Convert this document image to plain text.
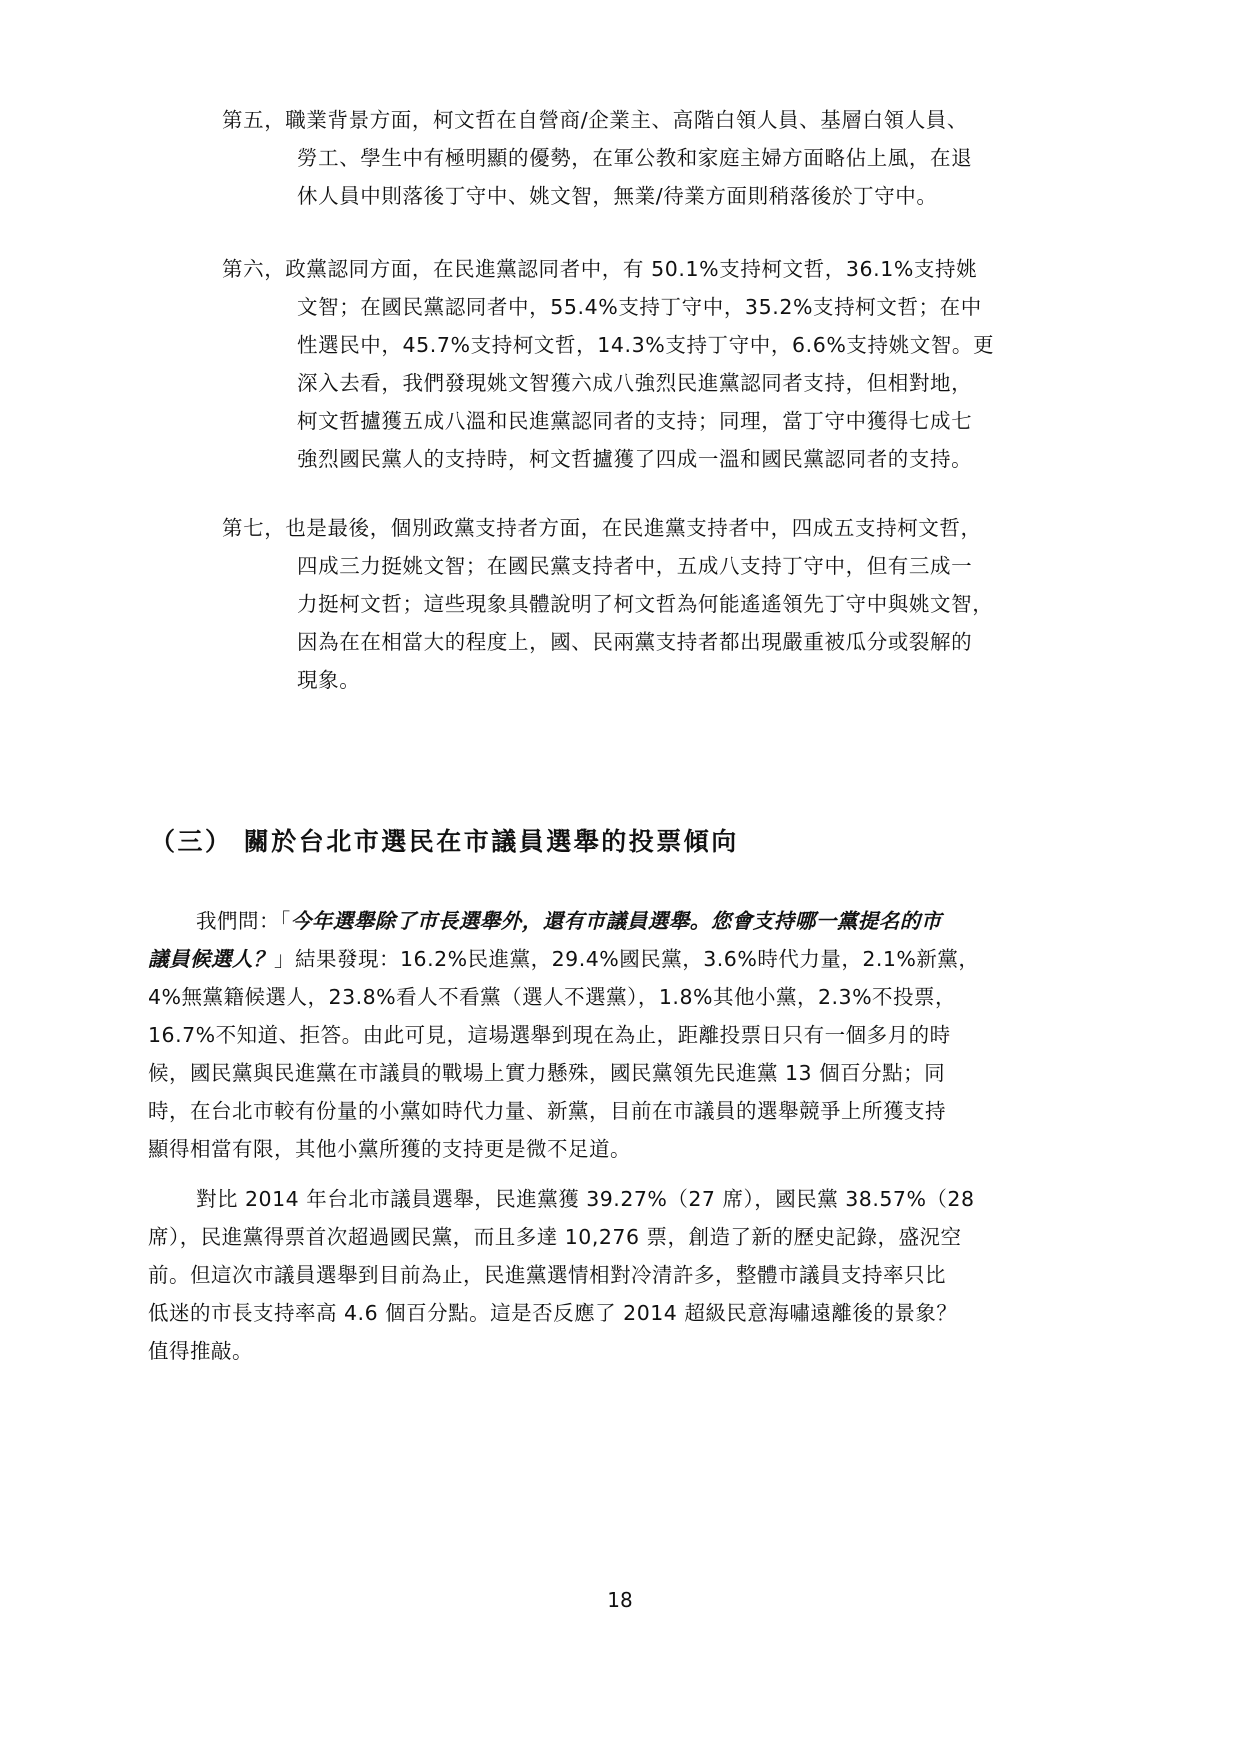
第五，職業背景方面，柯文哲在自營商/企業主、高階白領人員、基層白領人員、
勞工、學生中有極明顯的優勢，在軍公教和家庭主婦方面略佔上風，在退
休人員中則落後丁守中、姚文智，無業/待業方面則稍落後於丁守中。
第六，政黨認同方面，在民進黨認同者中，有 50.1%支持柯文哲，36.1%支持姚
文智；在國民黨認同者中，55.4%支持丁守中，35.2%支持柯文哲；在中
性選民中，45.7%支持柯文哲，14.3%支持丁守中，6.6%支持姚文智。更
深入去看，我們發現姚文智獲六成八強烈民進黨認同者支持，但相對地，
柯文哲攎獲五成八溫和民進黨認同者的支持；同理，當丁守中獲得七成七
強烈國民黨人的支持時，柯文哲攎獲了四成一溫和國民黨認同者的支持。
第七，也是最後，個別政黨支持者方面，在民進黨支持者中，四成五支持柯文哲，
四成三力挺姚文智；在國民黨支持者中，五成八支持丁守中，但有三成一
力挺柯文哲；這些現象具體說明了柯文哲為何能遙遙領先丁守中與姚文智，
因為在在相當大的程度上，國、民兩黨支持者都出現嚴重被瓜分或裂解的
現象。
（三） 關於台北市選民在市議員選舉的投票傾向
我們問：「今年選舉除了市長選舉外，還有市議員選舉。您會支持哪一黨提名的市
議員候選人？」結果發現：16.2%民進黨，29.4%國民黨，3.6%時代力量，2.1%新黨，
4%無黨籍候選人，23.8%看人不看黨（選人不選黨），1.8%其他小黨，2.3%不投票，
16.7%不知道、拒答。由此可見，這場選舉到現在為止，距離投票日只有一個多月的時
候，國民黨與民進黨在市議員的戰場上實力懸殊，國民黨領先民進黨 13 個百分點；同
時，在台北市較有份量的小黨如時代力量、新黨，目前在市議員的選舉競爭上所獲支持
顯得相當有限，其他小黨所獲的支持更是微不足道。
對比 2014 年台北市議員選舉，民進黨獲 39.27%（27 席），國民黨 38.57%（28
席），民進黨得票首次超過國民黨，而且多達 10,276 票，創造了新的歷史記錄，盛況空
前。但這次市議員選舉到目前為止，民進黨選情相對冷清許多，整體市議員支持率只比
低迷的市長支持率高 4.6 個百分點。這是否反應了 2014 超級民意海嘯遠離後的景象？
值得推敲。
18
